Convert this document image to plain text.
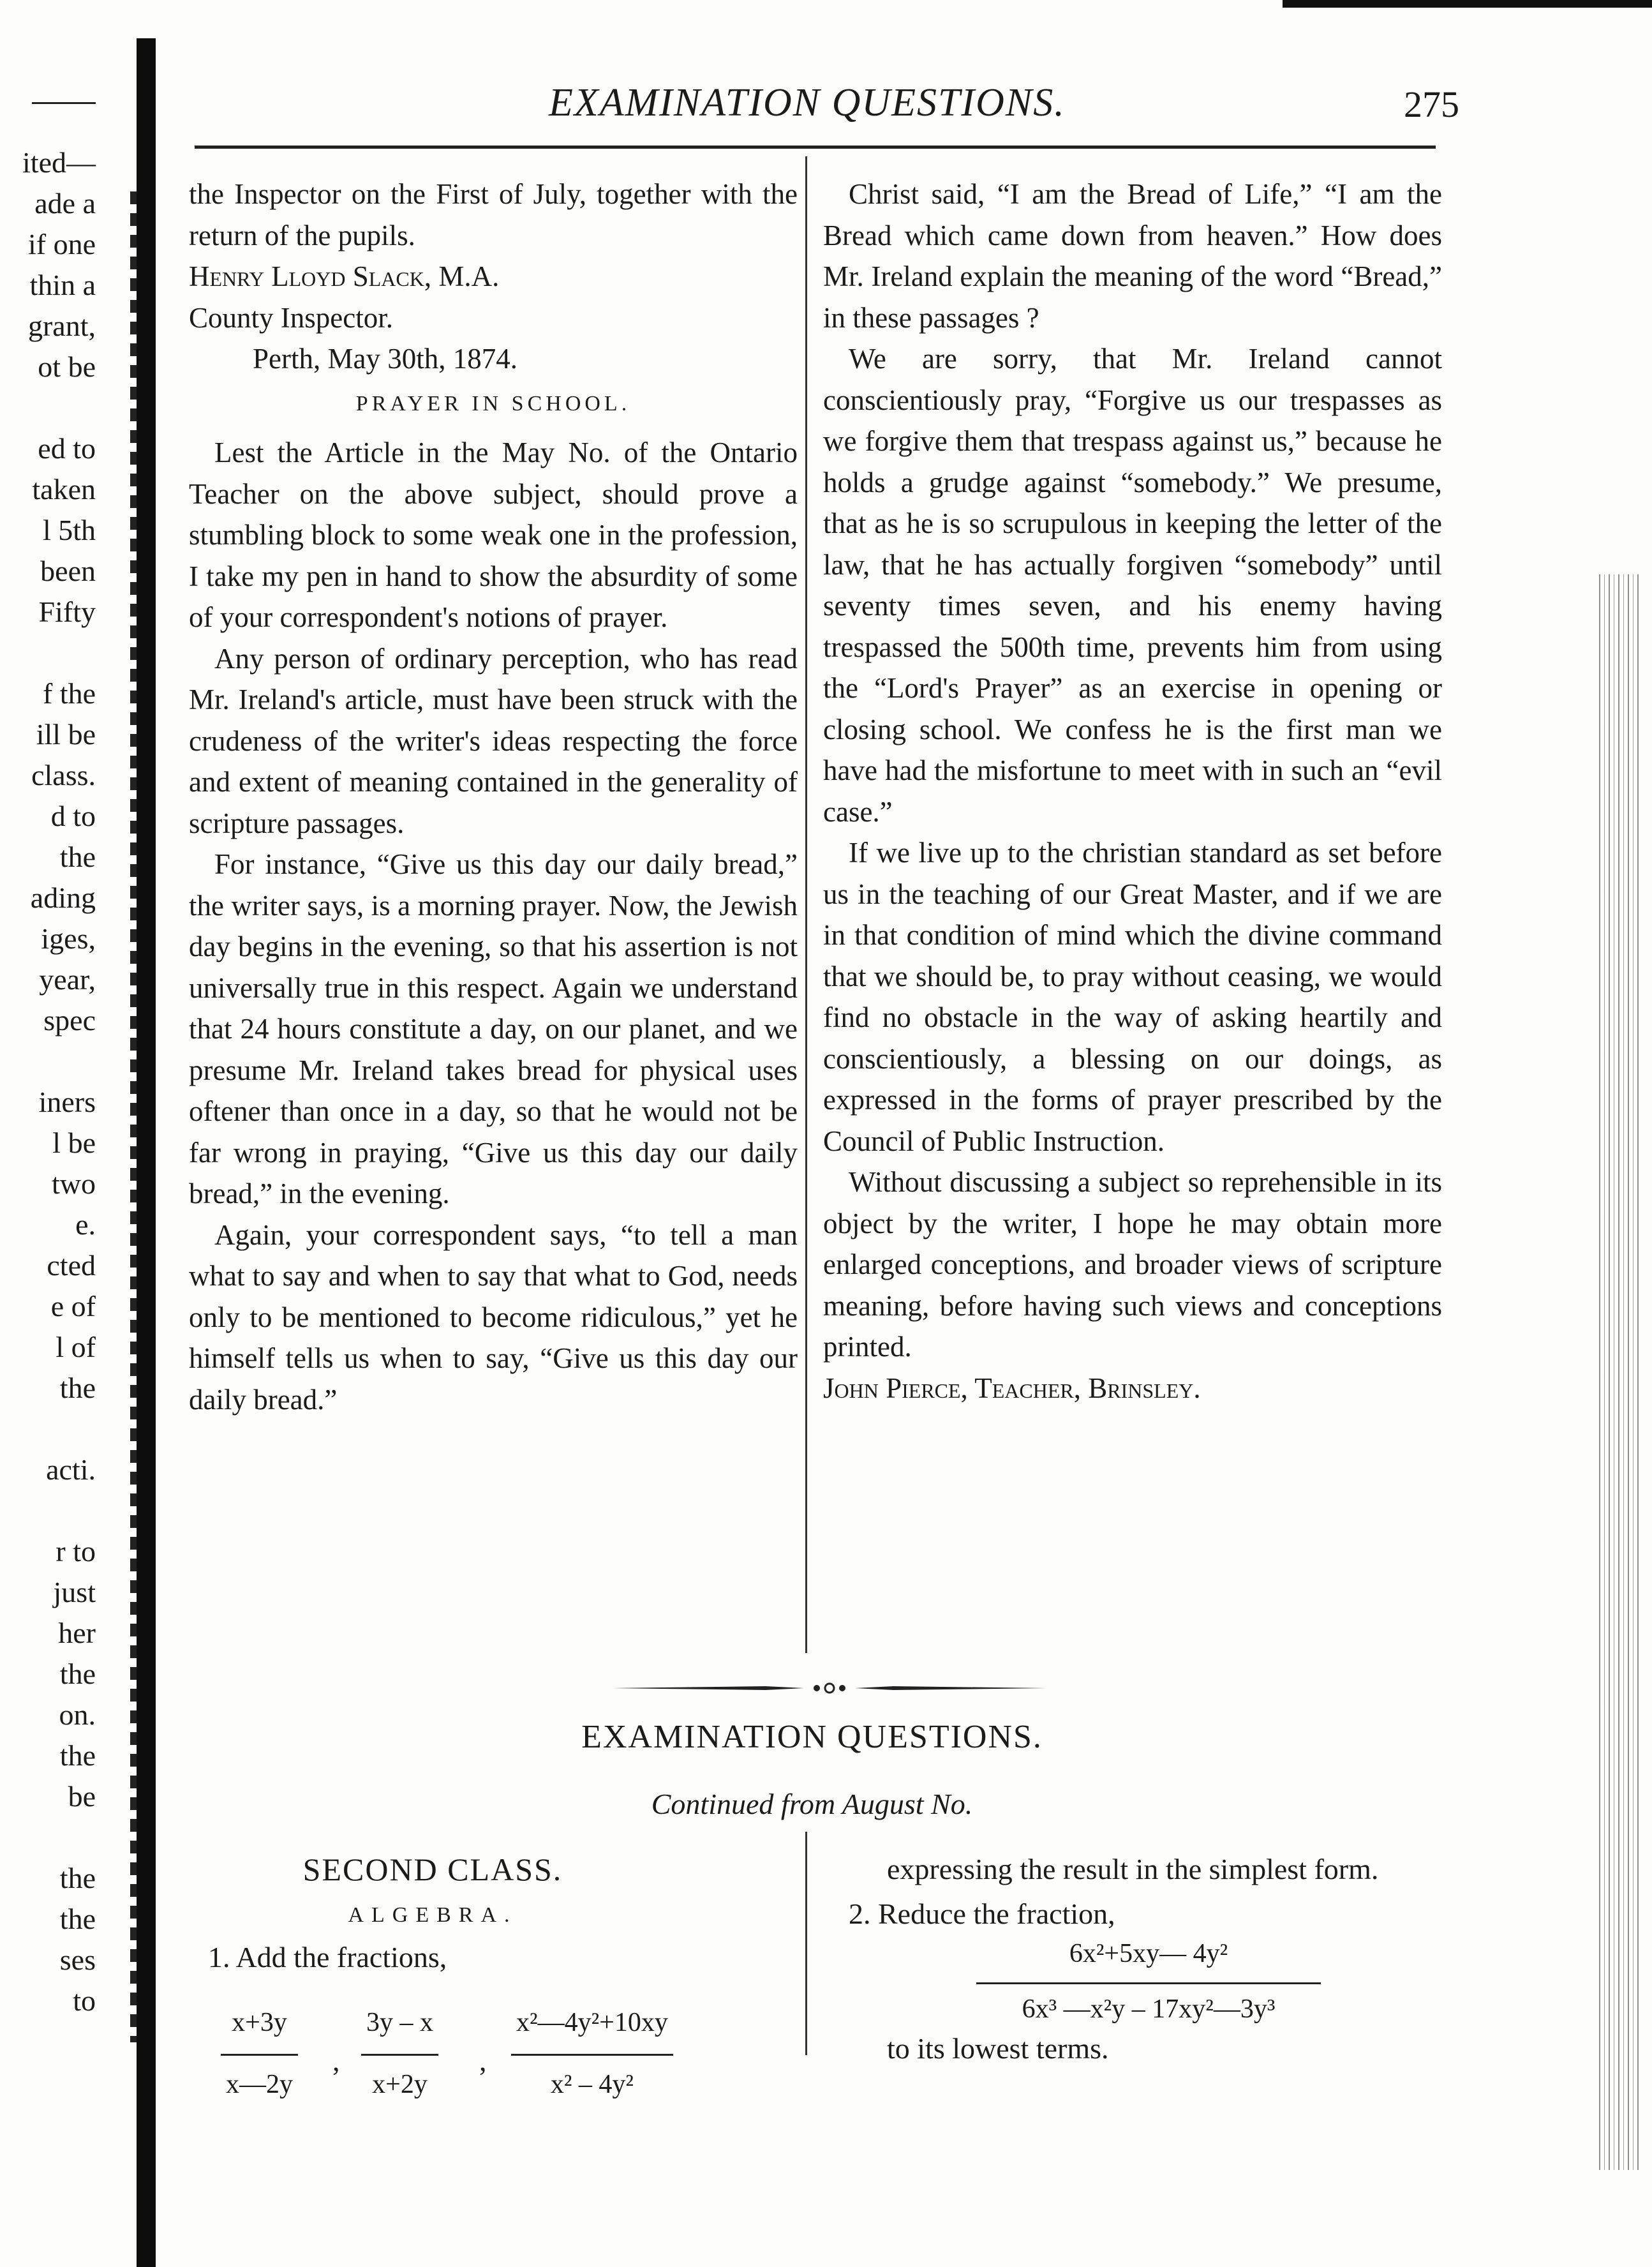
ited—
ade a
if one
thin a
grant,
ot be
ed to
taken
l 5th
been
Fifty
f the
ill be
class.
d to
the
ading
iges,
year,
spec
iners
l be
two
e.
cted
e of
l of
the
acti.
r to
just
her
the
on.
the
be
the
the
ses
to
EXAMINATION QUESTIONS.	275

the Inspector on the First of July, together with the return of the pupils.

Henry Lloyd Slack, M.A.

County Inspector.

Perth, May 30th, 1874.

PRAYER IN SCHOOL.

Lest the Article in the May No. of the Ontario Teacher on the above subject, should prove a stumbling block to some weak one in the profession, I take my pen in hand to show the absurdity of some of your correspondent's notions of prayer.

Any person of ordinary perception, who has read Mr. Ireland's article, must have been struck with the crudeness of the writer's ideas respecting the force and extent of meaning contained in the generality of scripture passages.

For instance, “Give us this day our daily bread,” the writer says, is a morning prayer. Now, the Jewish day begins in the evening, so that his assertion is not universally true in this respect. Again we understand that 24 hours constitute a day, on our planet, and we presume Mr. Ireland takes bread for physical uses oftener than once in a day, so that he would not be far wrong in praying, “Give us this day our daily bread,” in the evening.

Again, your correspondent says, “to tell a man what to say and when to say that what to God, needs only to be mentioned to become ridiculous,” yet he himself tells us when to say, “Give us this day our daily bread.”

Christ said, “I am the Bread of Life,” “I am the Bread which came down from heaven.” How does Mr. Ireland explain the meaning of the word “Bread,” in these passages ?

We are sorry, that Mr. Ireland cannot conscientiously pray, “Forgive us our trespasses as we forgive them that trespass against us,” because he holds a grudge against “somebody.” We presume, that as he is so scrupulous in keeping the letter of the law, that he has actually forgiven “somebody” until seventy times seven, and his enemy having trespassed the 500th time, prevents him from using the “Lord's Prayer” as an exercise in opening or closing school. We confess he is the first man we have had the misfortune to meet with in such an “evil case.”

If we live up to the christian standard as set before us in the teaching of our Great Master, and if we are in that condition of mind which the divine command that we should be, to pray without ceasing, we would find no obstacle in the way of asking heartily and conscientiously, a blessing on our doings, as expressed in the forms of prayer prescribed by the Council of Public Instruction.

Without discussing a subject so reprehensible in its object by the writer, I hope he may obtain more enlarged conceptions, and broader views of scripture meaning, before having such views and conceptions printed.

John Pierce, Teacher, Brinsley.

EXAMINATION QUESTIONS.
Continued from August No.
SECOND CLASS.
ALGEBRA.
1. Add the fractions,
x+3y
x—2y
,
3y – x
x+2y
,
x²—4y²+10xy
x² – 4y²

expressing the result in the simplest form.

2. Reduce the fraction,

6x²+5xy— 4y²
6x³ —x²y – 17xy²—3y³

to its lowest terms.
